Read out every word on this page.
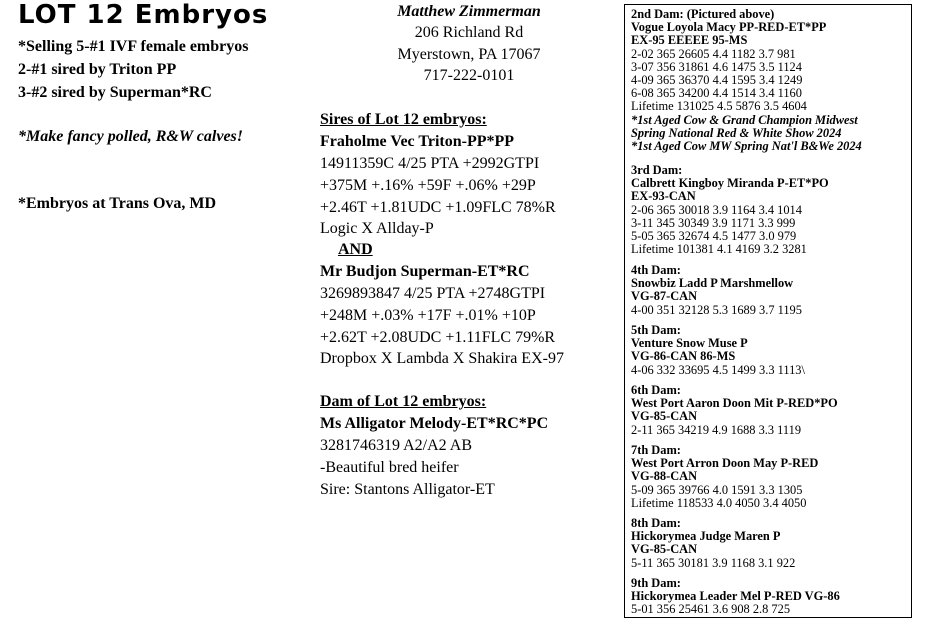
LOT 12 Embryos
*Selling 5-#1 IVF female embryos
2-#1 sired by Triton PP
3-#2 sired by Superman*RC
*Make fancy polled, R&W calves!
*Embryos at Trans Ova, MD
Matthew Zimmerman
206 Richland Rd
Myerstown, PA 17067
717-222-0101
Sires of Lot 12 embryos:
Fraholme Vec Triton-PP*PP
14911359C 4/25 PTA +2992GTPI
+375M +.16% +59F +.06% +29P
+2.46T +1.81UDC +1.09FLC 78%R
Logic X Allday-P
AND
Mr Budjon Superman-ET*RC
3269893847 4/25 PTA +2748GTPI
+248M +.03% +17F +.01% +10P
+2.62T +2.08UDC +1.11FLC 79%R
Dropbox X Lambda X Shakira EX-97
Dam of Lot 12 embryos:
Ms Alligator Melody-ET*RC*PC
3281746319 A2/A2 AB
-Beautiful bred heifer
Sire: Stantons Alligator-ET
2nd Dam: (Pictured above)
Vogue Loyola Macy PP-RED-ET*PP
EX-95 EEEEE 95-MS
2-02 365 26605 4.4 1182 3.7 981
3-07 356 31861 4.6 1475 3.5 1124
4-09 365 36370 4.4 1595 3.4 1249
6-08 365 34200 4.4 1514 3.4 1160
Lifetime 131025 4.5 5876 3.5 4604
*1st Aged Cow & Grand Champion Midwest
Spring National Red & White Show 2024
*1st Aged Cow MW Spring Nat'l B&We 2024
3rd Dam:
Calbrett Kingboy Miranda P-ET*PO
EX-93-CAN
2-06 365 30018 3.9 1164 3.4 1014
3-11 345 30349 3.9 1171 3.3 999
5-05 365 32674 4.5 1477 3.0 979
Lifetime 101381 4.1 4169 3.2 3281
4th Dam:
Snowbiz Ladd P Marshmellow
VG-87-CAN
4-00 351 32128 5.3 1689 3.7 1195
5th Dam:
Venture Snow Muse P
VG-86-CAN 86-MS
4-06 332 33695 4.5 1499 3.3 1113\
6th Dam:
West Port Aaron Doon Mit P-RED*PO
VG-85-CAN
2-11 365 34219 4.9 1688 3.3 1119
7th Dam:
West Port Arron Doon May P-RED
VG-88-CAN
5-09 365 39766 4.0 1591 3.3 1305
Lifetime 118533 4.0 4050 3.4 4050
8th Dam:
Hickorymea Judge Maren P
VG-85-CAN
5-11 365 30181 3.9 1168 3.1 922
9th Dam:
Hickorymea Leader Mel P-RED VG-86
5-01 356 25461 3.6 908 2.8 725
